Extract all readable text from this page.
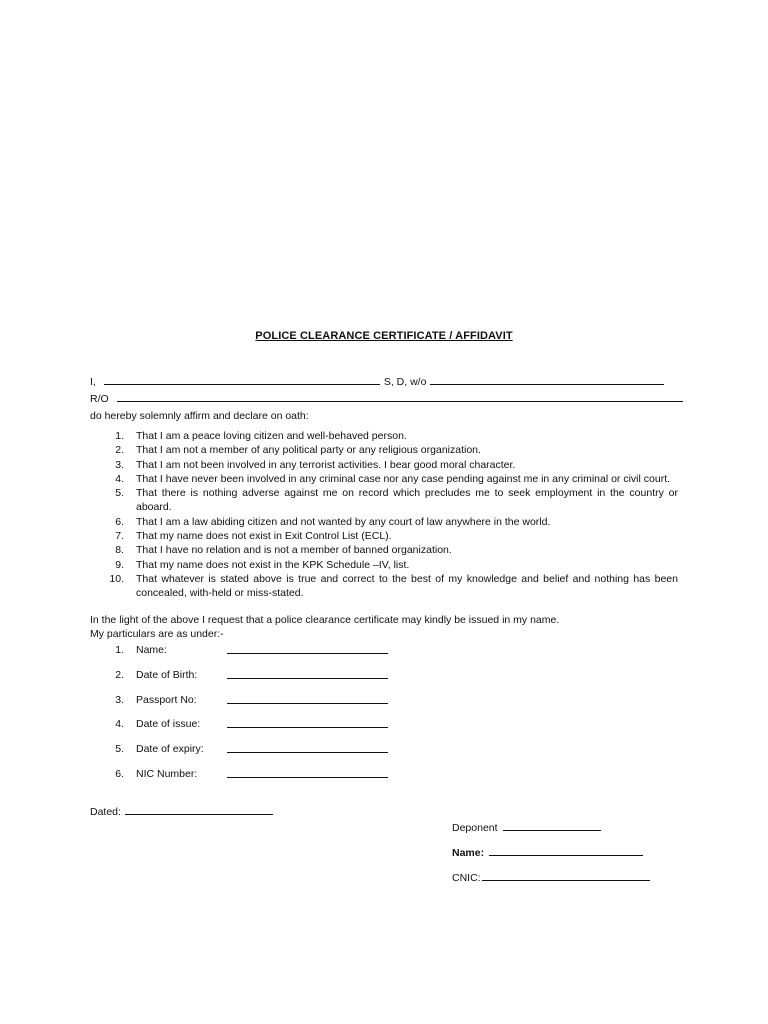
POLICE CLEARANCE CERTIFICATE / AFFIDAVIT
I,	S, D, w/o
R/O
do hereby solemnly affirm and declare on oath:
1. That I am a peace loving citizen and well-behaved person.
2. That I am not a member of any political party or any religious organization.
3. That I am not been involved in any terrorist activities. I bear good moral character.
4. That I have never been involved in any criminal case nor any case pending against me in any criminal or civil court.
5. That there is nothing adverse against me on record which precludes me to seek employment in the country or aboard.
6. That I am a law abiding citizen and not wanted by any court of law anywhere in the world.
7. That my name does not exist in Exit Control List (ECL).
8. That I have no relation and is not a member of banned organization.
9. That my name does not exist in the KPK Schedule –IV, list.
10. That whatever is stated above is true and correct to the best of my knowledge and belief and nothing has been concealed, with-held or miss-stated.
In the light of the above I request that a police clearance certificate may kindly be issued in my name.
My particulars are as under:-
1. Name:
2. Date of Birth:
3. Passport No:
4. Date of issue:
5. Date of expiry:
6. NIC Number:
Dated:
Deponent
Name:
CNIC:
